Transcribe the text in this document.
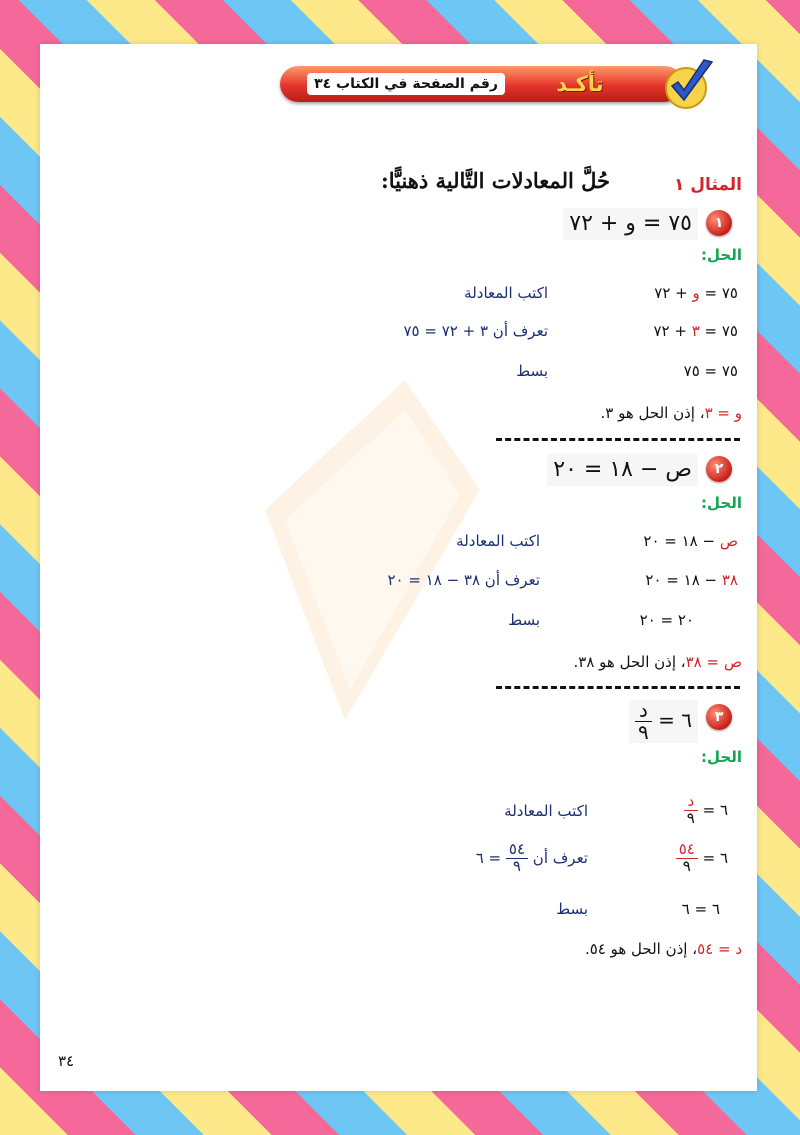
رقم الصفحة في الكتاب ٣٤	تأكـد
المثال ١
حُلَّ المعادلات التَّالية ذهنيًّا:
١
٧٥ = و + ٧٢
الحل:
٧٥ = و + ٧٢
اكتب المعادلة
٧٥ = ٣ + ٧٢
تعرف أن ٣ + ٧٢ = ٧٥
٧٥ = ٧٥
بسط
و = ٣، إذن الحل هو ٣.
٢
ص − ١٨ = ٢٠
الحل:
ص − ١٨ = ٢٠
اكتب المعادلة
٣٨ − ١٨ = ٢٠
تعرف أن ٣٨ − ١٨ = ٢٠
٢٠ = ٢٠
بسط
ص = ٣٨، إذن الحل هو ٣٨.
٣
$\frac{\text{د}}{٩}$ = ٦
الحل:
$\frac{\text{د}}{٩}$ = ٦
اكتب المعادلة
$\frac{٥٤}{٩}$ = ٦
تعرف أن
$\frac{٥٤}{٩}$
= ٦
٦ = ٦
بسط
د = ٥٤، إذن الحل هو ٥٤.
٣٤
